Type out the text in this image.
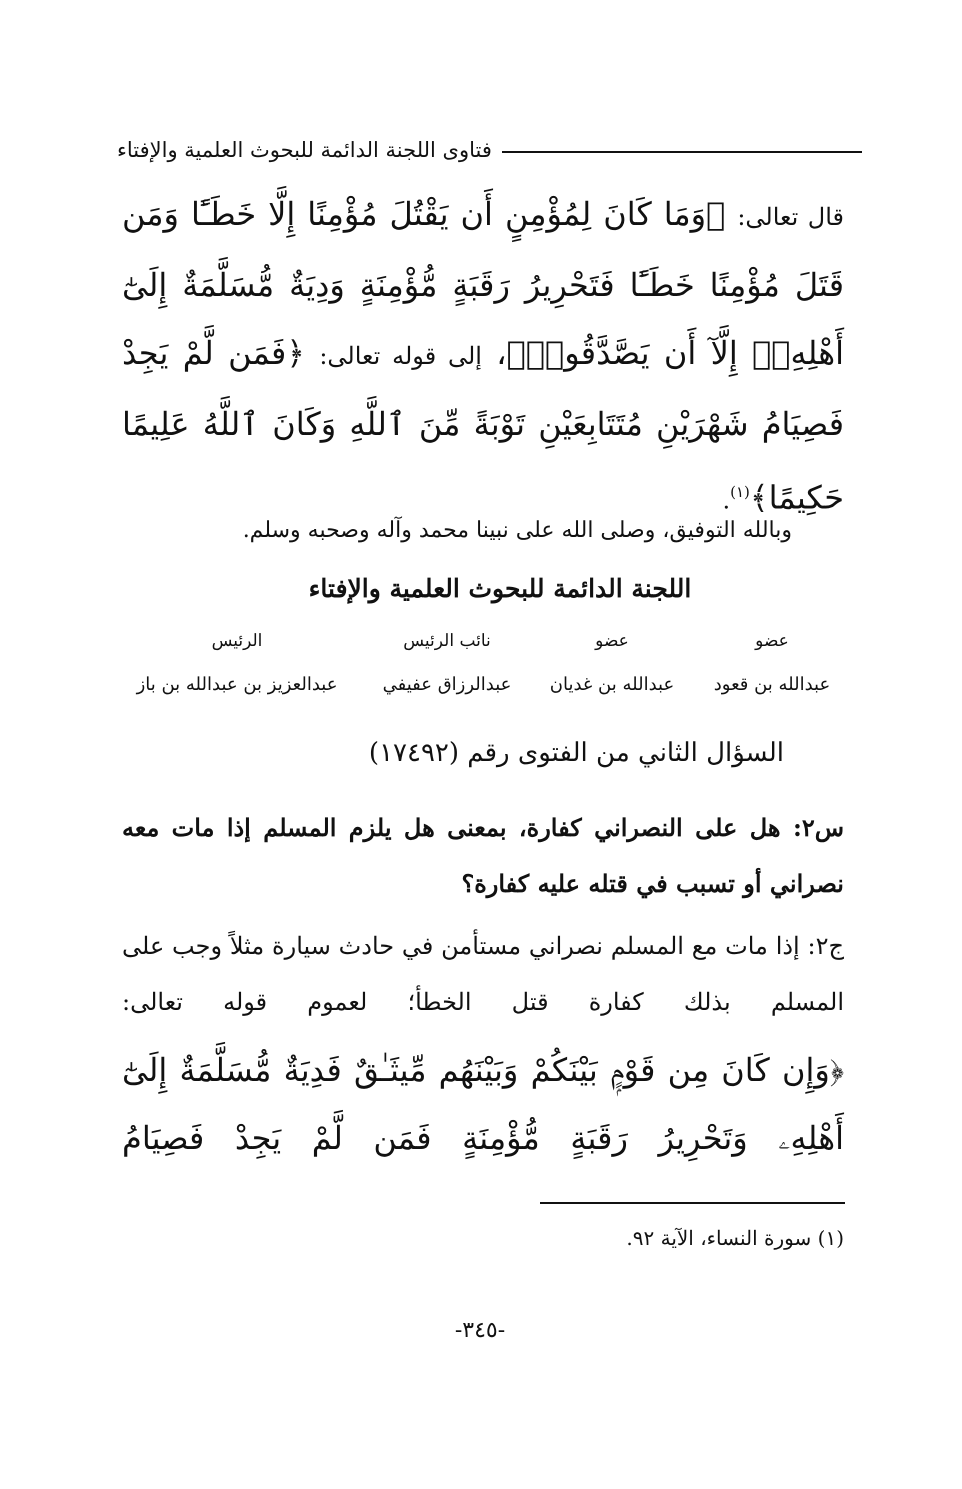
فتاوى اللجنة الدائمة للبحوث العلمية والإفتاء
قال تعالى: ﴿وَمَا كَانَ لِمُؤْمِنٍ أَن يَقْتُلَ مُؤْمِنًا إِلَّا خَطَـًٔا وَمَن قَتَلَ مُؤْمِنًا خَطَـًٔا فَتَحْرِيرُ رَقَبَةٍ مُّؤْمِنَةٍ وَدِيَةٌ مُّسَلَّمَةٌ إِلَىٰٓ أَهْلِهِۦٓ إِلَّآ أَن يَصَّدَّقُوا۟﴾، إلى قوله تعالى: ﴿فَمَن لَّمْ يَجِدْ فَصِيَامُ شَهْرَيْنِ مُتَتَابِعَيْنِ تَوْبَةً مِّنَ ٱللَّهِ وَكَانَ ٱللَّهُ عَلِيمًا حَكِيمًا﴾$^{(١)}$.
وبالله التوفيق، وصلى الله على نبينا محمد وآله وصحبه وسلم.
اللجنة الدائمة للبحوث العلمية والإفتاء
عضو
عبدالله بن قعود
عضو
عبدالله بن غديان
نائب الرئيس
عبدالرزاق عفيفي
الرئيس
عبدالعزيز بن عبدالله بن باز
السؤال الثاني من الفتوى رقم (١٧٤٩٢)
س٢: هل على النصراني كفارة، بمعنى هل يلزم المسلم إذا مات معه نصراني أو تسبب في قتله عليه كفارة؟
ج٢: إذا مات مع المسلم نصراني مستأمن في حادث سيارة مثلاً وجب على المسلم بذلك كفارة قتل الخطأ؛ لعموم قوله تعالى:
﴿وَإِن كَانَ مِن قَوْمٍۭ بَيْنَكُمْ وَبَيْنَهُم مِّيثَـٰقٌ فَدِيَةٌ مُّسَلَّمَةٌ إِلَىٰٓ أَهْلِهِۦ وَتَحْرِيرُ رَقَبَةٍ مُّؤْمِنَةٍ فَمَن لَّمْ يَجِدْ فَصِيَامُ
(١) سورة النساء، الآية ٩٢.
-٣٤٥-
